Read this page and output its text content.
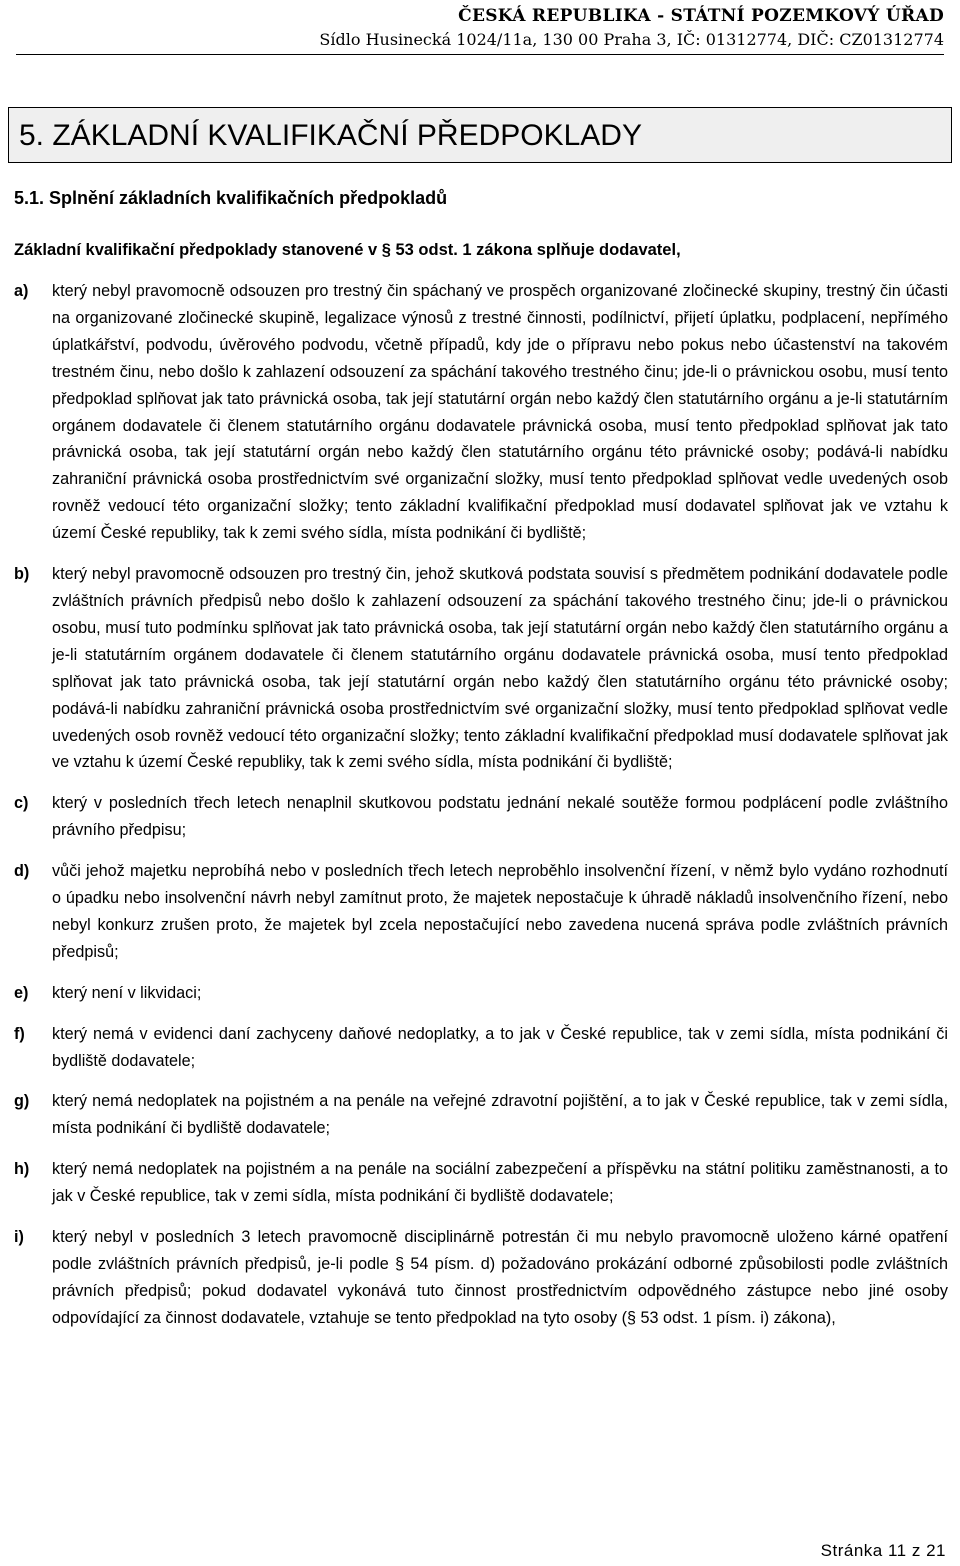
ČESKÁ REPUBLIKA - STÁTNÍ POZEMKOVÝ ÚŘAD
Sídlo Husinecká 1024/11a, 130 00 Praha 3, IČ: 01312774, DIČ: CZ01312774
5. ZÁKLADNÍ KVALIFIKAČNÍ PŘEDPOKLADY
5.1. Splnění základních kvalifikačních předpokladů
Základní kvalifikační předpoklady stanovené v § 53 odst. 1 zákona splňuje dodavatel,
a) který nebyl pravomocně odsouzen pro trestný čin spáchaný ve prospěch organizované zločinecké skupiny, trestný čin účasti na organizované zločinecké skupině, legalizace výnosů z trestné činnosti, podílnictví, přijetí úplatku, podplacení, nepřímého úplatkářství, podvodu, úvěrového podvodu, včetně případů, kdy jde o přípravu nebo pokus nebo účastenství na takovém trestném činu, nebo došlo k zahlazení odsouzení za spáchání takového trestného činu; jde-li o právnickou osobu, musí tento předpoklad splňovat jak tato právnická osoba, tak její statutární orgán nebo každý člen statutárního orgánu a je-li statutárním orgánem dodavatele či členem statutárního orgánu dodavatele právnická osoba, musí tento předpoklad splňovat jak tato právnická osoba, tak její statutární orgán nebo každý člen statutárního orgánu této právnické osoby; podává-li nabídku zahraniční právnická osoba prostřednictvím své organizační složky, musí tento předpoklad splňovat vedle uvedených osob rovněž vedoucí této organizační složky; tento základní kvalifikační předpoklad musí dodavatel splňovat jak ve vztahu k území České republiky, tak k zemi svého sídla, místa podnikání či bydliště;
b) který nebyl pravomocně odsouzen pro trestný čin, jehož skutková podstata souvisí s předmětem podnikání dodavatele podle zvláštních právních předpisů nebo došlo k zahlazení odsouzení za spáchání takového trestného činu; jde-li o právnickou osobu, musí tuto podmínku splňovat jak tato právnická osoba, tak její statutární orgán nebo každý člen statutárního orgánu a je-li statutárním orgánem dodavatele či členem statutárního orgánu dodavatele právnická osoba, musí tento předpoklad splňovat jak tato právnická osoba, tak její statutární orgán nebo každý člen statutárního orgánu této právnické osoby; podává-li nabídku zahraniční právnická osoba prostřednictvím své organizační složky, musí tento předpoklad splňovat vedle uvedených osob rovněž vedoucí této organizační složky; tento základní kvalifikační předpoklad musí dodavatele splňovat jak ve vztahu k území České republiky, tak k zemi svého sídla, místa podnikání či bydliště;
c) který v posledních třech letech nenaplnil skutkovou podstatu jednání nekalé soutěže formou podplácení podle zvláštního právního předpisu;
d) vůči jehož majetku neprobíhá nebo v posledních třech letech neproběhlo insolvenční řízení, v němž bylo vydáno rozhodnutí o úpadku nebo insolvenční návrh nebyl zamítnut proto, že majetek nepostačuje k úhradě nákladů insolvenčního řízení, nebo nebyl konkurz zrušen proto, že majetek byl zcela nepostačující nebo zavedena nucená správa podle zvláštních právních předpisů;
e) který není v likvidaci;
f) který nemá v evidenci daní zachyceny daňové nedoplatky, a to jak v České republice, tak v zemi sídla, místa podnikání či bydliště dodavatele;
g) který nemá nedoplatek na pojistném a na penále na veřejné zdravotní pojištění, a to jak v České republice, tak v zemi sídla, místa podnikání či bydliště dodavatele;
h) který nemá nedoplatek na pojistném a na penále na sociální zabezpečení a příspěvku na státní politiku zaměstnanosti, a to jak v České republice, tak v zemi sídla, místa podnikání či bydliště dodavatele;
i) který nebyl v posledních 3 letech pravomocně disciplinárně potrestán či mu nebylo pravomocně uloženo kárné opatření podle zvláštních právních předpisů, je-li podle § 54 písm. d) požadováno prokázání odborné způsobilosti podle zvláštních právních předpisů; pokud dodavatel vykonává tuto činnost prostřednictvím odpovědného zástupce nebo jiné osoby odpovídající za činnost dodavatele, vztahuje se tento předpoklad na tyto osoby (§ 53 odst. 1 písm. i) zákona),
Stránka 11 z 21
